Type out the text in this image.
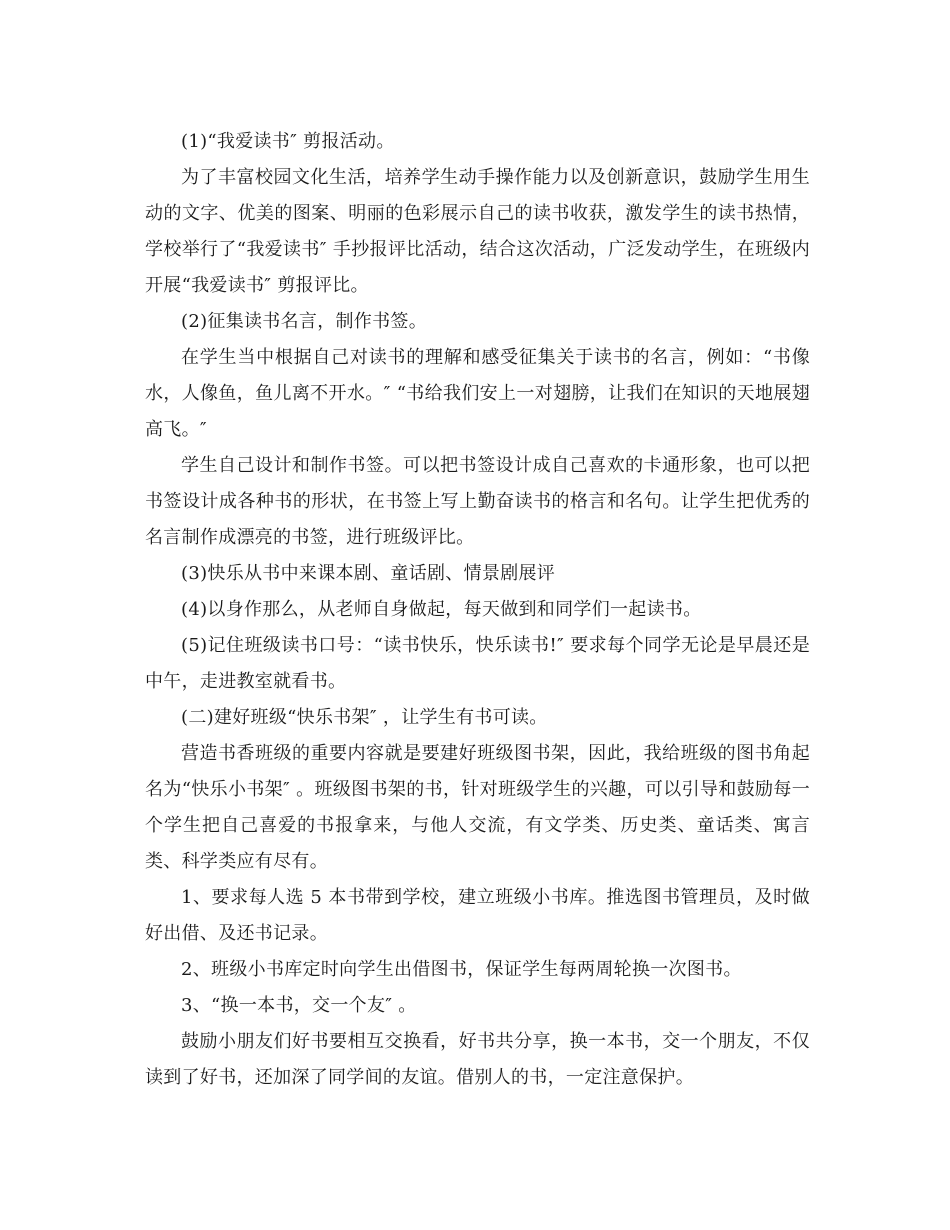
(1)“我爱读书″ 剪报活动。

为了丰富校园文化生活，培养学生动手操作能力以及创新意识，鼓励学生用生动的文字、优美的图案、明丽的色彩展示自己的读书收获，激发学生的读书热情，学校举行了“我爱读书″ 手抄报评比活动，结合这次活动，广泛发动学生，在班级内开展“我爱读书″ 剪报评比。

(2)征集读书名言，制作书签。

在学生当中根据自己对读书的理解和感受征集关于读书的名言，例如：“书像水，人像鱼，鱼儿离不开水。″ “书给我们安上一对翅膀，让我们在知识的天地展翅高飞。″

学生自己设计和制作书签。可以把书签设计成自己喜欢的卡通形象，也可以把书签设计成各种书的形状，在书签上写上勤奋读书的格言和名句。让学生把优秀的名言制作成漂亮的书签，进行班级评比。

(3)快乐从书中来课本剧、童话剧、情景剧展评

(4)以身作那么，从老师自身做起，每天做到和同学们一起读书。

(5)记住班级读书口号：“读书快乐，快乐读书!″ 要求每个同学无论是早晨还是中午，走进教室就看书。

(二)建好班级“快乐书架″ ，让学生有书可读。

营造书香班级的重要内容就是要建好班级图书架，因此，我给班级的图书角起名为“快乐小书架″ 。班级图书架的书，针对班级学生的兴趣，可以引导和鼓励每一个学生把自己喜爱的书报拿来，与他人交流，有文学类、历史类、童话类、寓言类、科学类应有尽有。

1、要求每人选 5 本书带到学校，建立班级小书库。推选图书管理员，及时做好出借、及还书记录。

2、班级小书库定时向学生出借图书，保证学生每两周轮换一次图书。

3、“换一本书，交一个友″ 。

鼓励小朋友们好书要相互交换看，好书共分享，换一本书，交一个朋友，不仅读到了好书，还加深了同学间的友谊。借别人的书，一定注意保护。
